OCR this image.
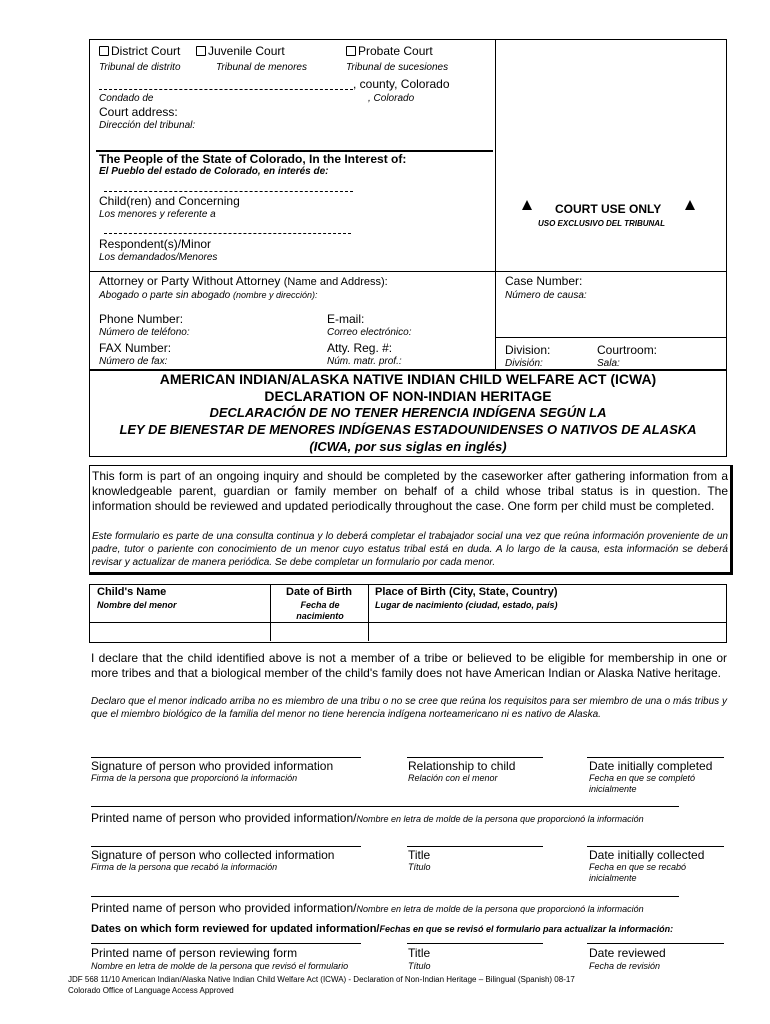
District Court
Tribunal de distrito
Juvenile Court
Tribunal de menores
Probate Court
Tribunal de sucesiones
, county, Colorado
Condado de	, Colorado
Court address:
Dirección del tribunal:
The People of the State of Colorado, In the Interest of:
El Pueblo del estado de Colorado, en interés de:
Child(ren) and Concerning
Los menores y referente a
Respondent(s)/Minor
Los demandados/Menores
COURT USE ONLY
USO EXCLUSIVO DEL TRIBUNAL
Attorney or Party Without Attorney (Name and Address):
Abogado o parte sin abogado (nombre y dirección):
Phone Number:
Número de teléfono:
E-mail:
Correo electrónico:
FAX Number:
Número de fax:
Atty. Reg. #:
Núm. matr. prof.:
Case Number:
Número de causa:
Division:
División:
Courtroom:
Sala:
AMERICAN INDIAN/ALASKA NATIVE INDIAN CHILD WELFARE ACT (ICWA)
DECLARATION OF NON-INDIAN HERITAGE
DECLARACIÓN DE NO TENER HERENCIA INDÍGENA SEGÚN LA
LEY DE BIENESTAR DE MENORES INDÍGENAS ESTADOUNIDENSES O NATIVOS DE ALASKA
(ICWA, por sus siglas en inglés)
This form is part of an ongoing inquiry and should be completed by the caseworker after gathering information from a knowledgeable parent, guardian or family member on behalf of a child whose tribal status is in question. The information should be reviewed and updated periodically throughout the case. One form per child must be completed.
Este formulario es parte de una consulta continua y lo deberá completar el trabajador social una vez que reúna información proveniente de un padre, tutor o pariente con conocimiento de un menor cuyo estatus tribal está en duda. A lo largo de la causa, esta información se deberá revisar y actualizar de manera periódica. Se debe completar un formulario por cada menor.
Child's Name
Nombre del menor
Date of Birth
Fecha de nacimiento
Place of Birth (City, State, Country)
Lugar de nacimiento (ciudad, estado, país)
I declare that the child identified above is not a member of a tribe or believed to be eligible for membership in one or more tribes and that a biological member of the child's family does not have American Indian or Alaska Native heritage.
Declaro que el menor indicado arriba no es miembro de una tribu o no se cree que reúna los requisitos para ser miembro de una o más tribus y que el miembro biológico de la familia del menor no tiene herencia indígena norteamericano ni es nativo de Alaska.
Signature of person who provided information
Firma de la persona que proporcionó la información
Relationship to child
Relación con el menor
Date initially completed
Fecha en que se completó inicialmente
Printed name of person who provided information/Nombre en letra de molde de la persona que proporcionó la información
Signature of person who collected information
Firma de la persona que recabó la información
Title
Título
Date initially collected
Fecha en que se recabó inicialmente
Printed name of person who provided information/Nombre en letra de molde de la persona que proporcionó la información
Dates on which form reviewed for updated information/Fechas en que se revisó el formulario para actualizar la información:
Printed name of person reviewing form
Nombre en letra de molde de la persona que revisó el formulario
Title
Título
Date reviewed
Fecha de revisión
JDF 568 11/10 American Indian/Alaska Native Indian Child Welfare Act (ICWA) - Declaration of Non-Indian Heritage – Bilingual (Spanish) 08-17
Colorado Office of Language Access Approved
